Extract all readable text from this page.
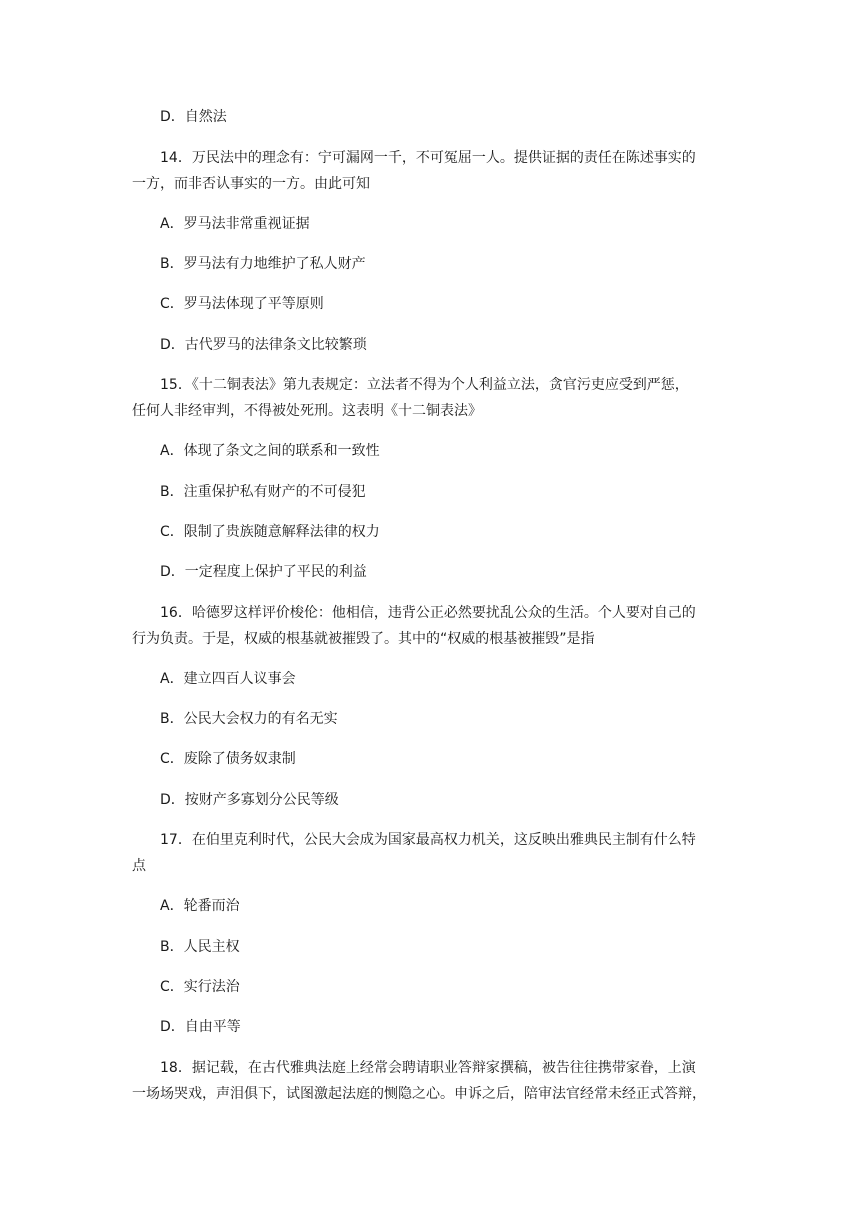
D．自然法

14．万民法中的理念有：宁可漏网一千，不可冤屈一人。提供证据的责任在陈述事实的
一方，而非否认事实的一方。由此可知

A．罗马法非常重视证据

B．罗马法有力地维护了私人财产

C．罗马法体现了平等原则

D．古代罗马的法律条文比较繁琐

15．《十二铜表法》第九表规定：立法者不得为个人利益立法，贪官污吏应受到严惩，
任何人非经审判，不得被处死刑。这表明《十二铜表法》

A．体现了条文之间的联系和一致性

B．注重保护私有财产的不可侵犯

C．限制了贵族随意解释法律的权力

D．一定程度上保护了平民的利益

16．哈德罗这样评价梭伦：他相信，违背公正必然要扰乱公众的生活。个人要对自己的
行为负责。于是，权威的根基就被摧毁了。其中的“权威的根基被摧毁”是指

A．建立四百人议事会

B．公民大会权力的有名无实

C．废除了债务奴隶制

D．按财产多寡划分公民等级

17．在伯里克利时代，公民大会成为国家最高权力机关，这反映出雅典民主制有什么特
点

A．轮番而治

B．人民主权

C．实行法治

D．自由平等

18．据记载，在古代雅典法庭上经常会聘请职业答辩家撰稿，被告往往携带家眷，上演
一场场哭戏，声泪俱下，试图激起法庭的恻隐之心。申诉之后，陪审法官经常未经正式答辩，
